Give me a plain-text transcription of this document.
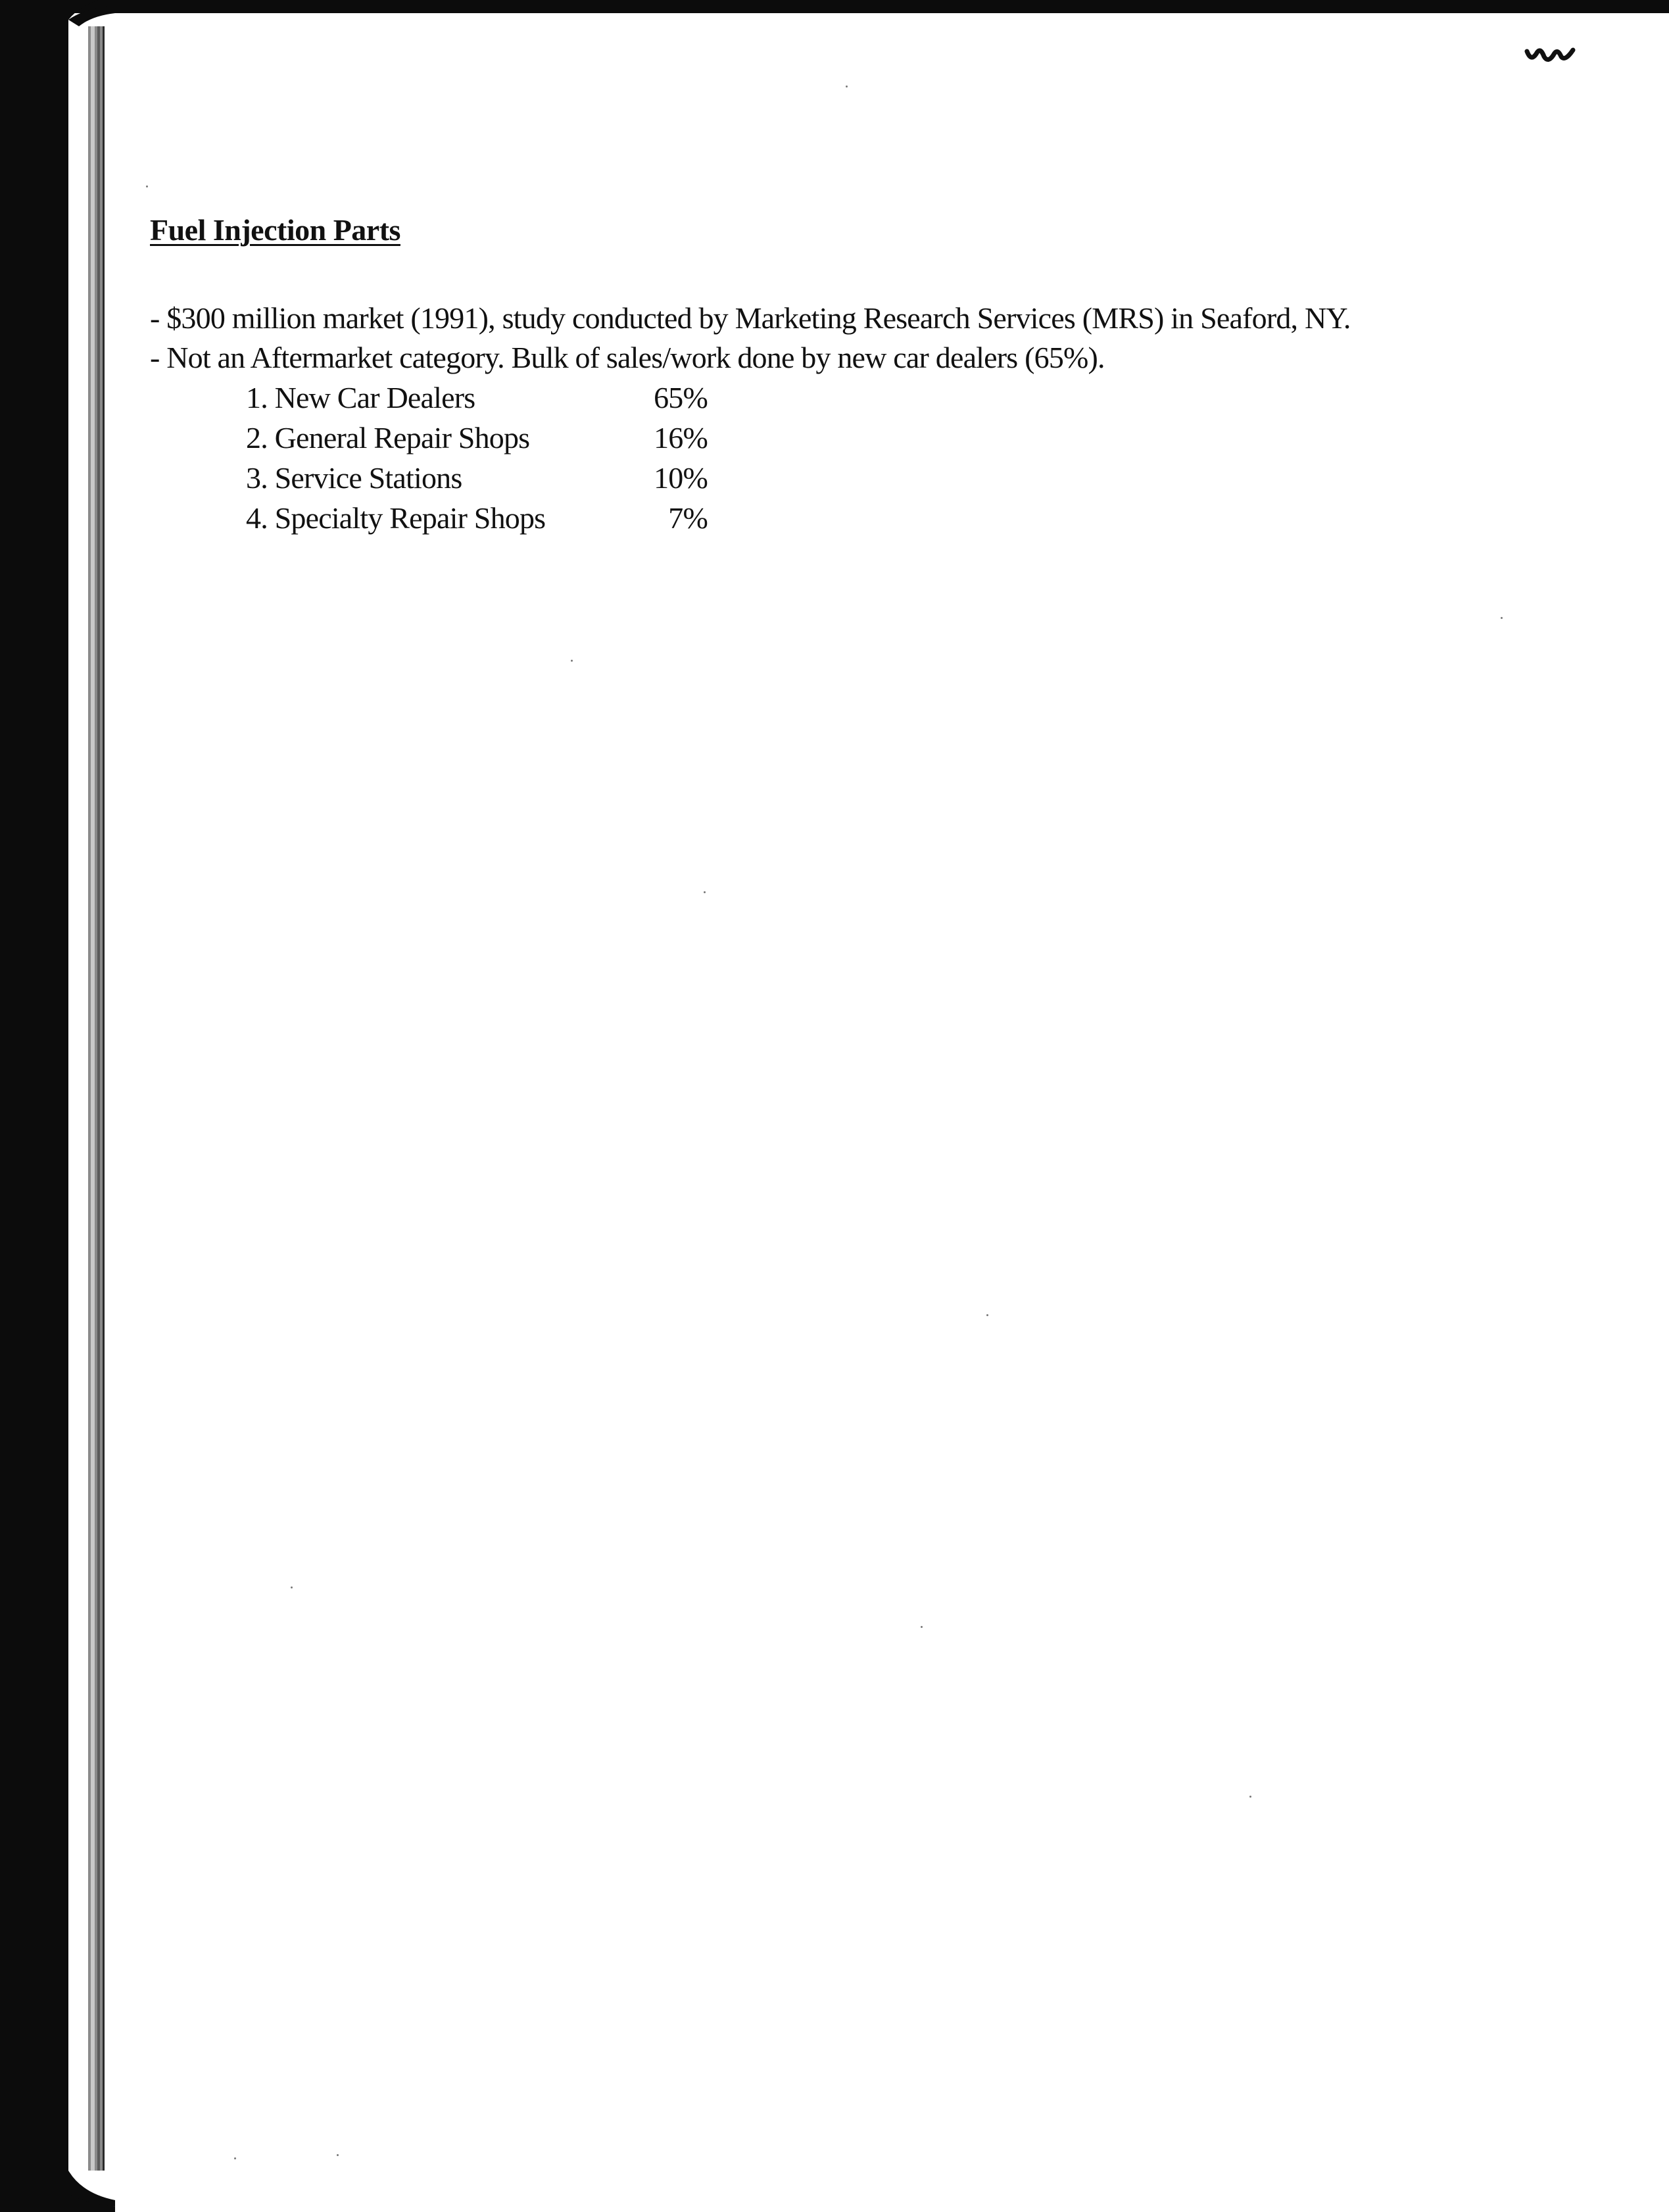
Fuel Injection Parts

- $300 million market (1991), study conducted by Marketing Research Services (MRS) in Seaford, NY.

- Not an Aftermarket category. Bulk of sales/work done by new car dealers (65%).

1. New Car Dealers	65%
2. General Repair Shops	16%
3. Service Stations	10%
4. Specialty Repair Shops	7%
